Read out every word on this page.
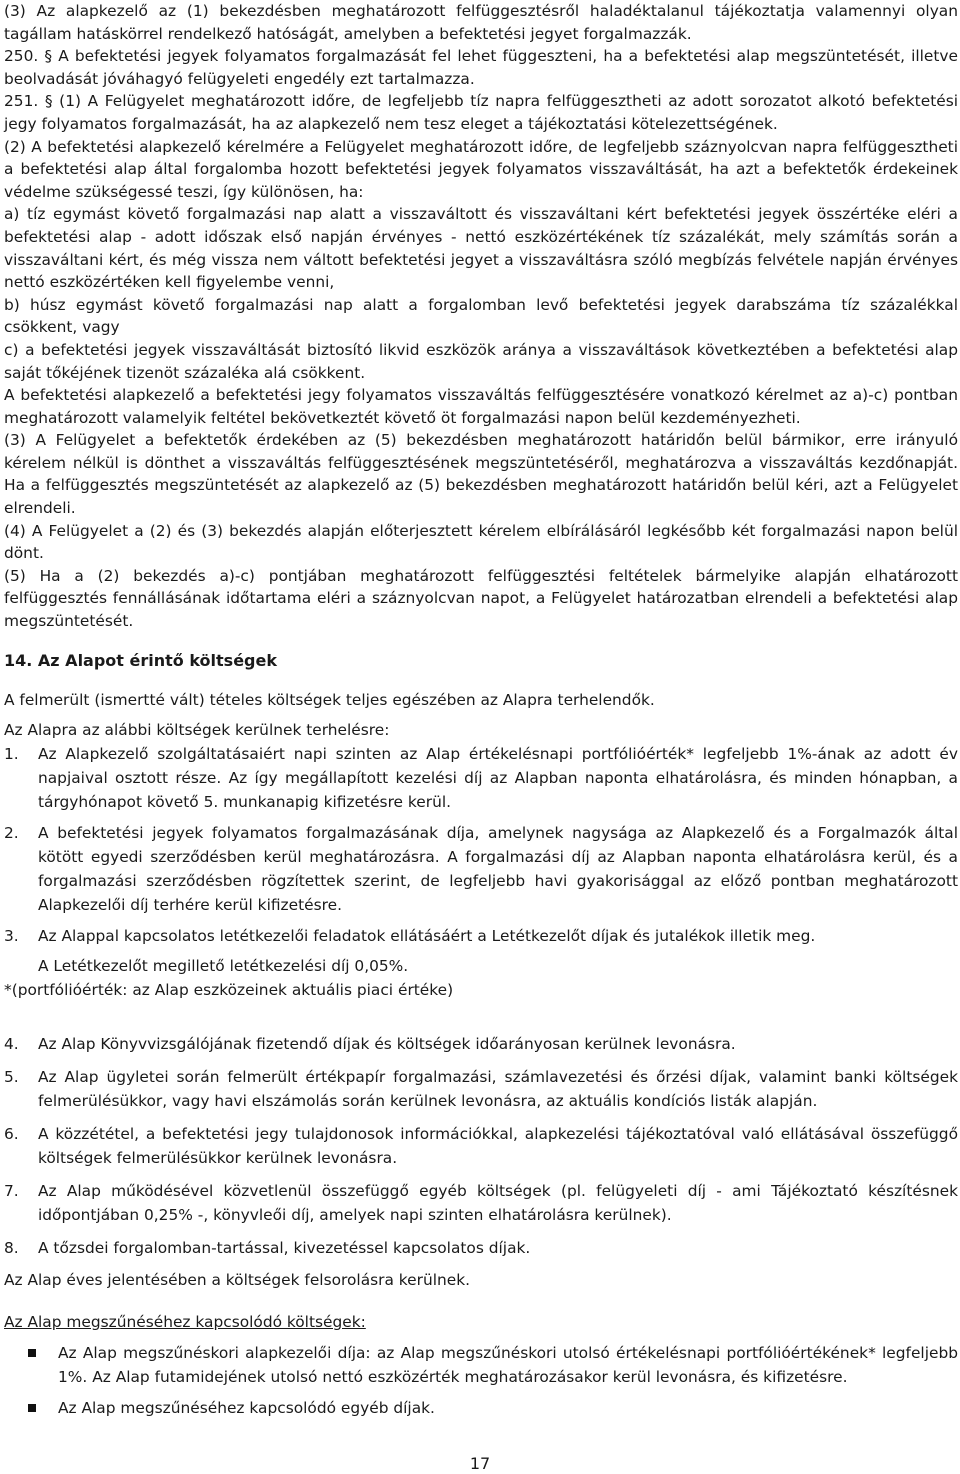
(3) Az alapkezelő az (1) bekezdésben meghatározott felfüggesztésről haladéktalanul tájékoztatja valamennyi olyan tagállam hatáskörrel rendelkező hatóságát, amelyben a befektetési jegyet forgalmazzák.

250. § A befektetési jegyek folyamatos forgalmazását fel lehet függeszteni, ha a befektetési alap megszüntetését, illetve beolvadását jóváhagyó felügyeleti engedély ezt tartalmazza.

251. § (1) A Felügyelet meghatározott időre, de legfeljebb tíz napra felfüggesztheti az adott sorozatot alkotó befektetési jegy folyamatos forgalmazását, ha az alapkezelő nem tesz eleget a tájékoztatási kötelezettségének.

(2) A befektetési alapkezelő kérelmére a Felügyelet meghatározott időre, de legfeljebb száznyolcvan napra felfüggesztheti a befektetési alap által forgalomba hozott befektetési jegyek folyamatos visszaváltását, ha azt a befektetők érdekeinek védelme szükségessé teszi, így különösen, ha:

a) tíz egymást követő forgalmazási nap alatt a visszaváltott és visszaváltani kért befektetési jegyek összértéke eléri a befektetési alap - adott időszak első napján érvényes - nettó eszközértékének tíz százalékát, mely számítás során a visszaváltani kért, és még vissza nem váltott befektetési jegyet a visszaváltásra szóló megbízás felvétele napján érvényes nettó eszközértéken kell figyelembe venni,

b) húsz egymást követő forgalmazási nap alatt a forgalomban levő befektetési jegyek darabszáma tíz százalékkal csökkent, vagy

c) a befektetési jegyek visszaváltását biztosító likvid eszközök aránya a visszaváltások következtében a befektetési alap saját tőkéjének tizenöt százaléka alá csökkent.

A befektetési alapkezelő a befektetési jegy folyamatos visszaváltás felfüggesztésére vonatkozó kérelmet az a)-c) pontban meghatározott valamelyik feltétel bekövetkeztét követő öt forgalmazási napon belül kezdeményezheti.

(3) A Felügyelet a befektetők érdekében az (5) bekezdésben meghatározott határidőn belül bármikor, erre irányuló kérelem nélkül is dönthet a visszaváltás felfüggesztésének megszüntetéséről, meghatározva a visszaváltás kezdőnapját. Ha a felfüggesztés megszüntetését az alapkezelő az (5) bekezdésben meghatározott határidőn belül kéri, azt a Felügyelet elrendeli.

(4) A Felügyelet a (2) és (3) bekezdés alapján előterjesztett kérelem elbírálásáról legkésőbb két forgalmazási napon belül dönt.

(5) Ha a (2) bekezdés a)-c) pontjában meghatározott felfüggesztési feltételek bármelyike alapján elhatározott felfüggesztés fennállásának időtartama eléri a száznyolcvan napot, a Felügyelet határozatban elrendeli a befektetési alap megszüntetését.

14. Az Alapot érintő költségek

A felmerült (ismertté vált) tételes költségek teljes egészében az Alapra terhelendők.

Az Alapra az alábbi költségek kerülnek terhelésre:

1. Az Alapkezelő szolgáltatásaiért napi szinten az Alap értékelésnapi portfólióérték* legfeljebb 1%-ának az adott év napjaival osztott része. Az így megállapított kezelési díj az Alapban naponta elhatárolásra, és minden hónapban, a tárgyhónapot követő 5. munkanapig kifizetésre kerül.
2. A befektetési jegyek folyamatos forgalmazásának díja, amelynek nagysága az Alapkezelő és a Forgalmazók által kötött egyedi szerződésben kerül meghatározásra. A forgalmazási díj az Alapban naponta elhatárolásra kerül, és a forgalmazási szerződésben rögzítettek szerint, de legfeljebb havi gyakorisággal az előző pontban meghatározott Alapkezelői díj terhére kerül kifizetésre.
3. Az Alappal kapcsolatos letétkezelői feladatok ellátásáért a Letétkezelőt díjak és jutalékok illetik meg.
A Letétkezelőt megillető letétkezelési díj 0,05%.

*(portfólióérték: az Alap eszközeinek aktuális piaci értéke)

4. Az Alap Könyvvizsgálójának fizetendő díjak és költségek időarányosan kerülnek levonásra.
5. Az Alap ügyletei során felmerült értékpapír forgalmazási, számlavezetési és őrzési díjak, valamint banki költségek felmerülésükkor, vagy havi elszámolás során kerülnek levonásra, az aktuális kondíciós listák alapján.
6. A közzététel, a befektetési jegy tulajdonosok információkkal, alapkezelési tájékoztatóval való ellátásával összefüggő költségek felmerülésükkor kerülnek levonásra.
7. Az Alap működésével közvetlenül összefüggő egyéb költségek (pl. felügyeleti díj - ami Tájékoztató készítésnek időpontjában 0,25% -, könyvleői díj, amelyek napi szinten elhatárolásra kerülnek).
8. A tőzsdei forgalomban-tartással, kivezetéssel kapcsolatos díjak.

Az Alap éves jelentésében a költségek felsorolásra kerülnek.

Az Alap megszűnéséhez kapcsolódó költségek:

Az Alap megszűnéskori alapkezelői díja: az Alap megszűnéskori utolsó értékelésnapi portfólióértékének* legfeljebb 1%. Az Alap futamidejének utolsó nettó eszközérték meghatározásakor kerül levonásra, és kifizetésre.
Az Alap megszűnéséhez kapcsolódó egyéb díjak.
17
